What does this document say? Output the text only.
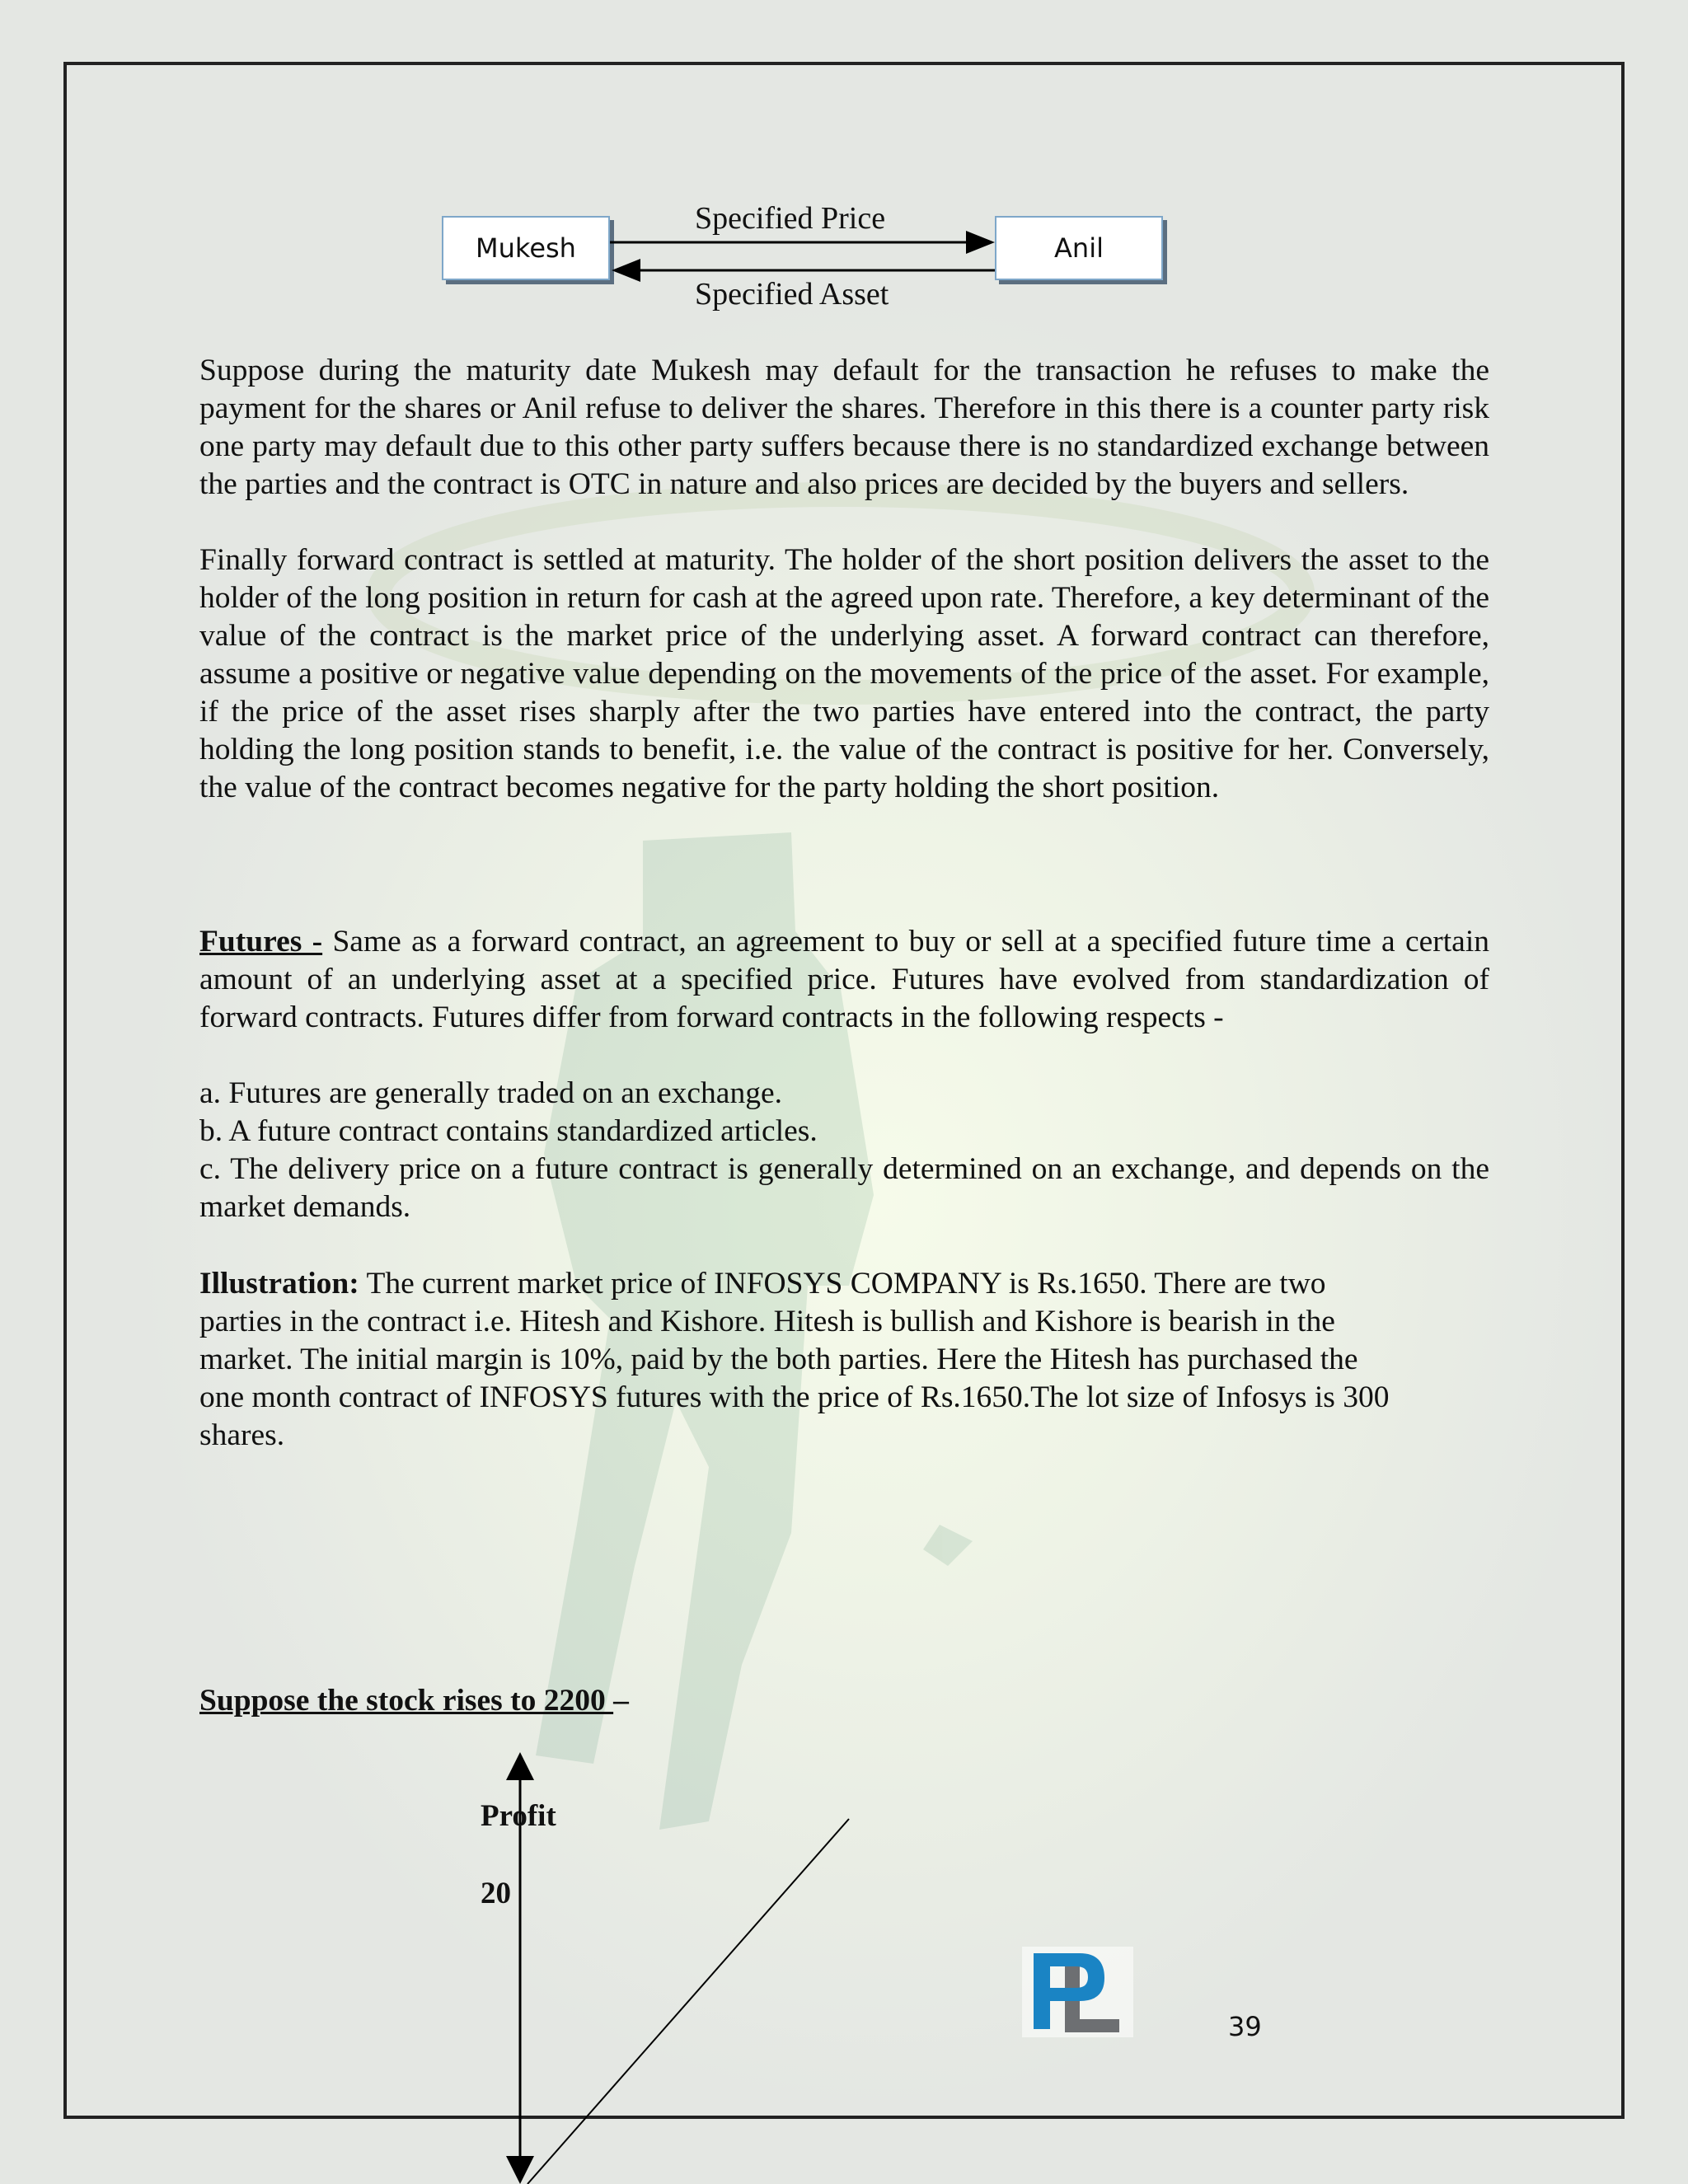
Mukesh	Anil
Specified Price
Specified Asset

Suppose during the maturity date Mukesh may default for the transaction he refuses to make the payment for the shares or Anil refuse to deliver the shares. Therefore in this there is a counter party risk one party may default due to this other party suffers because there is no standardized exchange between the parties and the contract is OTC in nature and also prices are decided by the buyers and sellers.

Finally forward contract is settled at maturity. The holder of the short position delivers the asset to the holder of the long position in return for cash at the agreed upon rate. Therefore, a key determinant of the value of the contract is the market price of the underlying asset. A forward contract can therefore, assume a positive or negative value depending on the movements of the price of the asset. For example, if the price of the asset rises sharply after the two parties have entered into the contract, the party holding the long position stands to benefit, i.e. the value of the contract is positive for her. Conversely, the value of the contract becomes negative for the party holding the short position.

Futures - Same as a forward contract, an agreement to buy or sell at a specified future time a certain amount of an underlying asset at a specified price. Futures have evolved from standardization of forward contracts. Futures differ from forward contracts in the following respects -

a. Futures are generally traded on an exchange.
b. A future contract contains standardized articles.

c. The delivery price on a future contract is generally determined on an exchange, and depends on the market demands.

Illustration: The current market price of INFOSYS COMPANY is Rs.1650. There are two
parties in the contract i.e. Hitesh and Kishore. Hitesh is bullish and Kishore is bearish in the
market. The initial margin is 10%, paid by the both parties. Here the Hitesh has purchased the
one month contract of INFOSYS futures with the price of Rs.1650.The lot size of Infosys is 300
shares.
Suppose the stock rises to 2200 –
Profit
20
39
